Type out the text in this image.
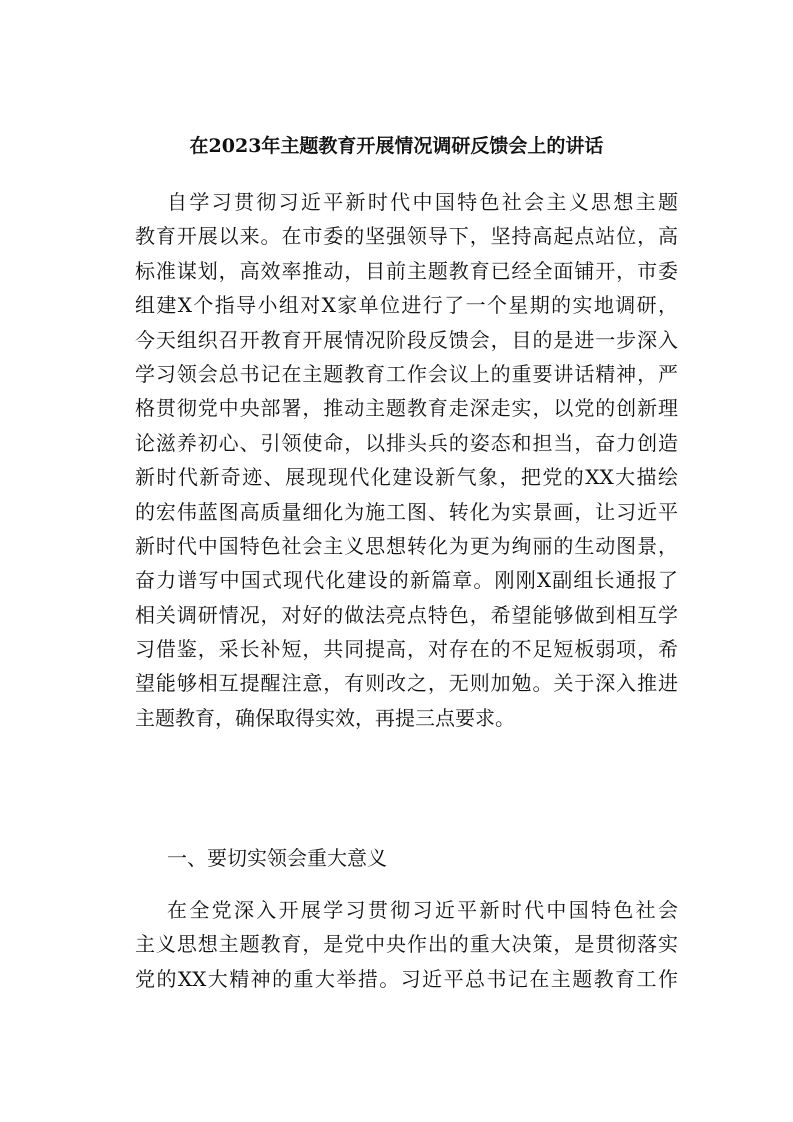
在2023年主题教育开展情况调研反馈会上的讲话
自学习贯彻习近平新时代中国特色社会主义思想主题
教育开展以来。在市委的坚强领导下，坚持高起点站位，高
标准谋划，高效率推动，目前主题教育已经全面铺开，市委
组建X个指导小组对X家单位进行了一个星期的实地调研，
今天组织召开教育开展情况阶段反馈会，目的是进一步深入
学习领会总书记在主题教育工作会议上的重要讲话精神，严
格贯彻党中央部署，推动主题教育走深走实，以党的创新理
论滋养初心、引领使命，以排头兵的姿态和担当，奋力创造
新时代新奇迹、展现现代化建设新气象，把党的XX大描绘
的宏伟蓝图高质量细化为施工图、转化为实景画，让习近平
新时代中国特色社会主义思想转化为更为绚丽的生动图景，
奋力谱写中国式现代化建设的新篇章。刚刚X副组长通报了
相关调研情况，对好的做法亮点特色，希望能够做到相互学
习借鉴，采长补短，共同提高，对存在的不足短板弱项，希
望能够相互提醒注意，有则改之，无则加勉。关于深入推进
主题教育，确保取得实效，再提三点要求。
一、要切实领会重大意义
在全党深入开展学习贯彻习近平新时代中国特色社会
主义思想主题教育，是党中央作出的重大决策，是贯彻落实
党的XX大精神的重大举措。习近平总书记在主题教育工作
